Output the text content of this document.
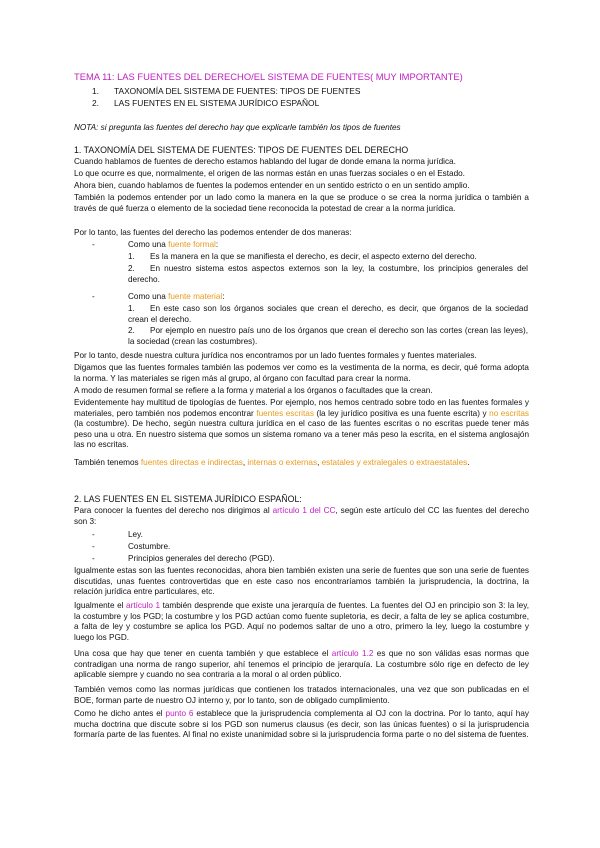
TEMA 11: LAS FUENTES DEL DERECHO/EL SISTEMA DE FUENTES( MUY IMPORTANTE)
1. TAXONOMÍA DEL SISTEMA DE FUENTES: TIPOS DE FUENTES
2. LAS FUENTES EN EL SISTEMA JURÍDICO ESPAÑOL
NOTA: si pregunta las fuentes del derecho hay que explicarle también los tipos de fuentes
1. TAXONOMÍA DEL SISTEMA DE FUENTES: TIPOS DE FUENTES DEL DERECHO
Cuando hablamos de fuentes de derecho estamos hablando del lugar de donde emana la norma jurídica.
Lo que ocurre es que, normalmente, el origen de las normas están en unas fuerzas sociales o en el Estado.
Ahora bien, cuando hablamos de fuentes la podemos entender en un sentido estricto o en un sentido amplio.
También la podemos entender por un lado como la manera en la que se produce o se crea la norma jurídica o también a través de qué fuerza o elemento de la sociedad tiene reconocida la potestad de crear a la norma jurídica.
Por lo tanto, las fuentes del derecho las podemos entender de dos maneras:
-	Como una fuente formal:
1. Es la manera en la que se manifiesta el derecho, es decir, el aspecto externo del derecho.
2. En nuestro sistema estos aspectos externos son la ley, la costumbre, los principios generales del derecho.
-	Como una fuente material:
1. En este caso son los órganos sociales que crean el derecho, es decir, que órganos de la sociedad crean el derecho.
2. Por ejemplo en nuestro país uno de los órganos que crean el derecho son las cortes (crean las leyes), la sociedad (crean las costumbres).
Por lo tanto, desde nuestra cultura jurídica nos encontramos por un lado fuentes formales y fuentes materiales.
Digamos que las fuentes formales también las podemos ver como es la vestimenta de la norma, es decir, qué forma adopta la norma. Y las materiales se rigen más al grupo, al órgano con facultad para crear la norma.
A modo de resumen formal se refiere a la forma y material a los órganos o facultades que la crean.
Evidentemente hay multitud de tipologías de fuentes. Por ejemplo, nos hemos centrado sobre todo en las fuentes formales y materiales, pero también nos podemos encontrar fuentes escritas (la ley jurídico positiva es una fuente escrita) y no escritas (la costumbre). De hecho, según nuestra cultura jurídica en el caso de las fuentes escritas o no escritas puede tener más peso una u otra. En nuestro sistema que somos un sistema romano va a tener más peso la escrita, en el sistema anglosajón las no escritas.
También tenemos fuentes directas e indirectas, internas o externas, estatales y extralegales o extraestatales.
2. LAS FUENTES EN EL SISTEMA JURÍDICO ESPAÑOL:
Para conocer la fuentes del derecho nos dirigimos al artículo 1 del CC, según este artículo del CC las fuentes del derecho son 3:
-	Ley.
-	Costumbre.
-	Principios generales del derecho (PGD).
Igualmente estas son las fuentes reconocidas, ahora bien también existen una serie de fuentes que son una serie de fuentes discutidas, unas fuentes controvertidas que en este caso nos encontraríamos también la jurisprudencia, la doctrina, la relación jurídica entre particulares, etc.
Igualmente el artículo 1 también desprende que existe una jerarquía de fuentes. La fuentes del OJ en principio son 3: la ley, la costumbre y los PGD; la costumbre y los PGD actúan como fuente supletoria, es decir, a falta de ley se aplica costumbre, a falta de ley y costumbre se aplica los PGD. Aquí no podemos saltar de uno a otro, primero la ley, luego la costumbre y luego los PGD.
Una cosa que hay que tener en cuenta también y que establece el artículo 1.2 es que no son válidas esas normas que contradigan una norma de rango superior, ahí tenemos el principio de jerarquía. La costumbre sólo rige en defecto de ley aplicable siempre y cuando no sea contraria a la moral o al orden público.
También vemos como las normas jurídicas que contienen los tratados internacionales, una vez que son publicadas en el BOE, forman parte de nuestro OJ interno y, por lo tanto, son de obligado cumplimiento.
Como he dicho antes el punto 6 establece que la jurisprudencia complementa al OJ con la doctrina. Por lo tanto, aquí hay mucha doctrina que discute sobre si los PGD son numerus clausus (es decir, son las únicas fuentes) o si la jurisprudencia formaría parte de las fuentes. Al final no existe unanimidad sobre si la jurisprudencia forma parte o no del sistema de fuentes.
